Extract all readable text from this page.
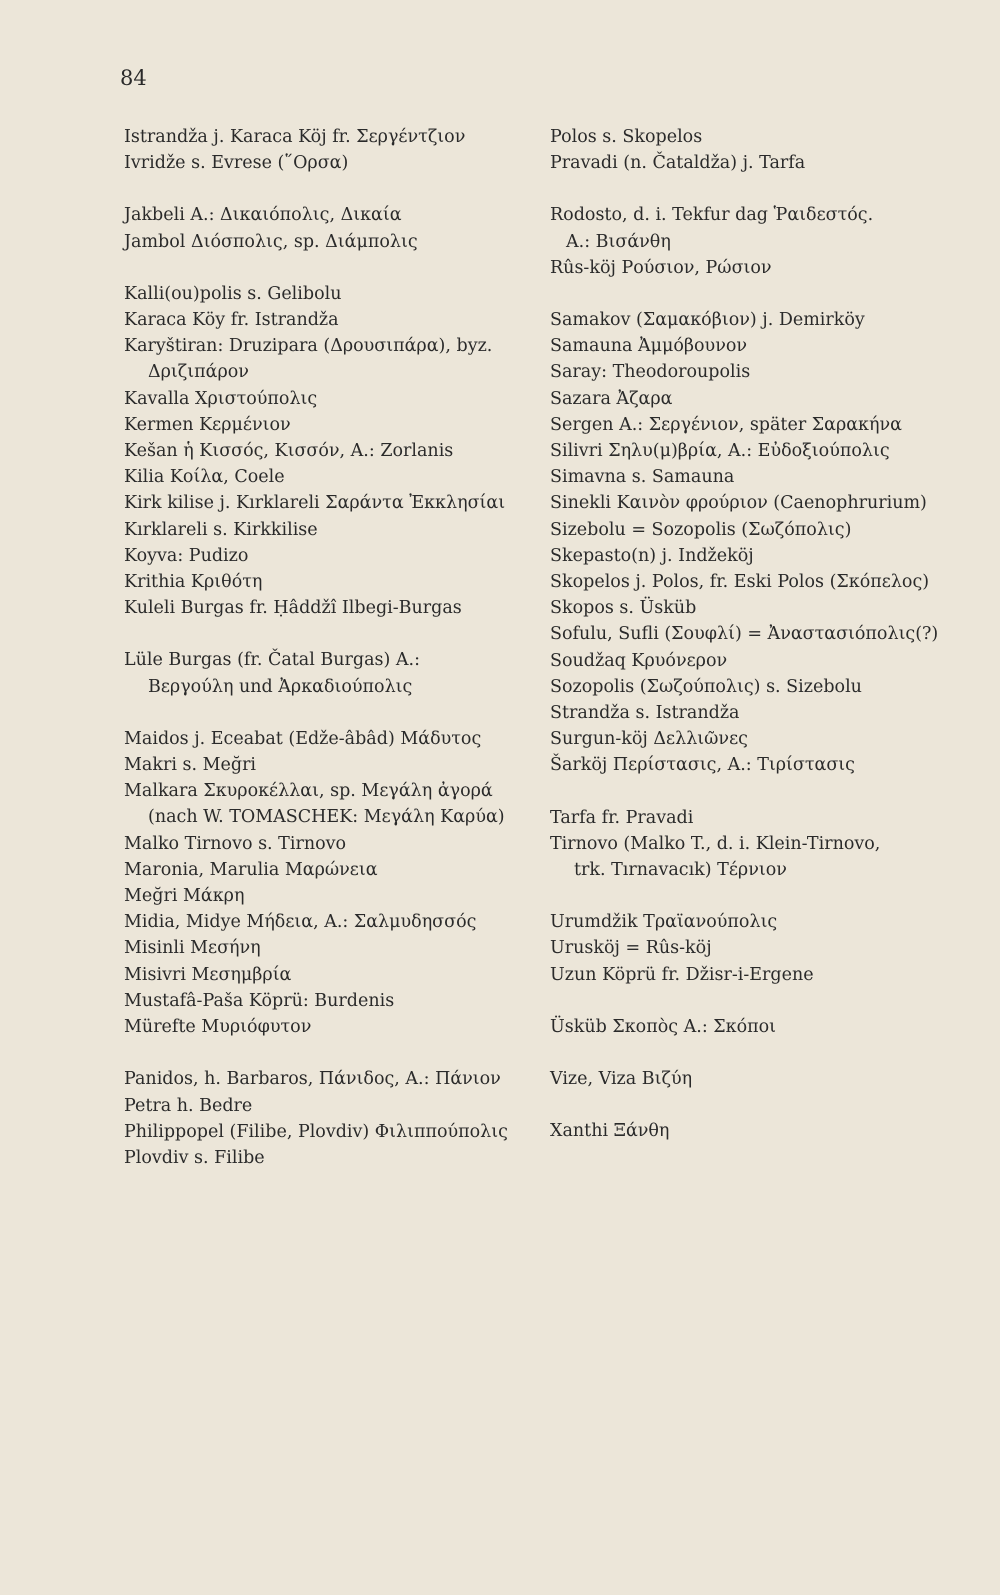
84
Istrandža j. Karaca Köj fr. Σεργέντζιον
Ivridže s. Evrese (῞Ορσα)
Jakbeli A.: Δικαιόπολις, Δικαία
Jambol Διόσπολις, sp. Διάμπολις
Kalli(ou)polis s. Gelibolu
Karaca Köy fr. Istrandža
Karyštiran: Druzipara (Δρουσιπάρα), byz.
Δριζιπάρον
Kavalla Χριστούπολις
Kermen Κερμένιον
Kešan ἡ Κισσός, Κισσόν, A.: Zorlanis
Kilia Κοίλα, Coele
Kirk kilise j. Kırklareli Σαράντα Ἐκκλησίαι
Kırklareli s. Kirkkilise
Koyva: Pudizo
Krithia Κριθότη
Kuleli Burgas fr. Ḥâddžî Ilbegi-Burgas
Lüle Burgas (fr. Čatal Burgas) A.:
Βεργούλη und Ἀρκαδιούπολις
Maidos j. Eceabat (Edže-âbâd) Μάδυτος
Makri s. Meğri
Malkara Σκυροκέλλαι, sp. Μεγάλη ἀγορά
(nach W. TOMASCHEK: Μεγάλη Καρύα)
Malko Tirnovo s. Tirnovo
Maronia, Marulia Μαρώνεια
Meğri Μάκρη
Midia, Midye Μήδεια, A.: Σαλμυδησσός
Misinli Μεσήνη
Misivri Μεσημβρία
Mustafâ-Paša Köprü: Burdenis
Mürefte Μυριόφυτον
Panidos, h. Barbaros, Πάνιδος, A.: Πάνιον
Petra h. Bedre
Philippopel (Filibe, Plovdiv) Φιλιππούπολις
Plovdiv s. Filibe
Polos s. Skopelos
Pravadi (n. Čataldža) j. Tarfa
Rodosto, d. i. Tekfur dag Ῥαιδεστός.
A.: Βισάνθη
Rûs-köj Ρούσιον, Ρώσιον
Samakov (Σαμακόβιον) j. Demirköy
Samauna Ἀμμόβουνον
Saray: Theodoroupolis
Sazara Ἀζαρα
Sergen A.: Σεργένιον, später Σαρακήνα
Silivri Σηλυ(μ)βρία, A.: Εὐδοξιούπολις
Simavna s. Samauna
Sinekli Καινὸν φρούριον (Caenophrurium)
Sizebolu = Sozopolis (Σωζόπολις)
Skepasto(n) j. Indžeköj
Skopelos j. Polos, fr. Eski Polos (Σκόπελος)
Skopos s. Üsküb
Sofulu, Sufli (Σουφλί) = Ἀναστασιόπολις(?)
Soudžaq Κρυόνερον
Sozopolis (Σωζούπολις) s. Sizebolu
Strandža s. Istrandža
Surgun-köj Δελλιῶνες
Šarköj Περίστασις, A.: Τιρίστασις
Tarfa fr. Pravadi
Tirnovo (Malko T., d. i. Klein-Tirnovo,
trk. Tırnavacık) Τέρνιον
Urumdžik Τραϊανούπολις
Urusköj = Rûs-köj
Uzun Köprü fr. Džisr-i-Ergene
Üsküb Σκοπὸς A.: Σκόποι
Vize, Viza Βιζύη
Xanthi Ξάνθη
